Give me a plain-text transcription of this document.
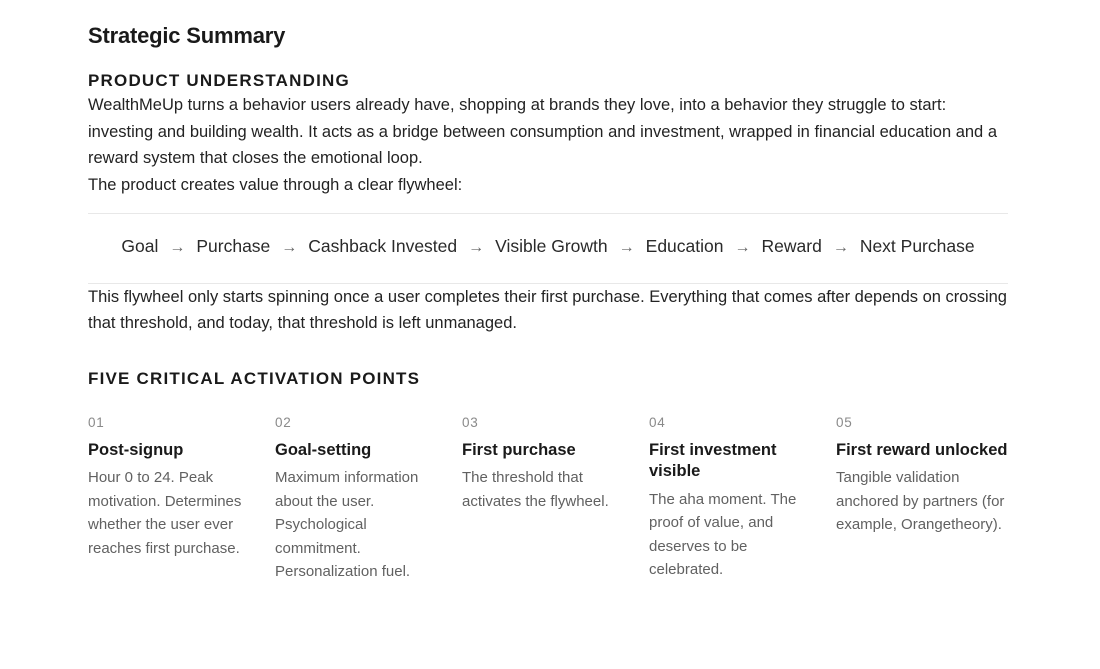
Strategic Summary
PRODUCT UNDERSTANDING

WealthMeUp turns a behavior users already have, shopping at brands they love, into a behavior they struggle to start: investing and building wealth. It acts as a bridge between consumption and investment, wrapped in financial education and a reward system that closes the emotional loop.

The product creates value through a clear flywheel:

Goal → Purchase → Cashback Invested → Visible Growth → Education → Reward → Next Purchase

This flywheel only starts spinning once a user completes their first purchase. Everything that comes after depends on crossing that threshold, and today, that threshold is left unmanaged.

FIVE CRITICAL ACTIVATION POINTS
01
Post-signup
Hour 0 to 24. Peak motivation. Determines whether the user ever reaches first purchase.
02
Goal-setting
Maximum information about the user. Psychological commitment. Personalization fuel.
03
First purchase
The threshold that activates the flywheel.
04
First investment visible
The aha moment. The proof of value, and deserves to be celebrated.
05
First reward unlocked
Tangible validation anchored by partners (for example, Orangetheory).
